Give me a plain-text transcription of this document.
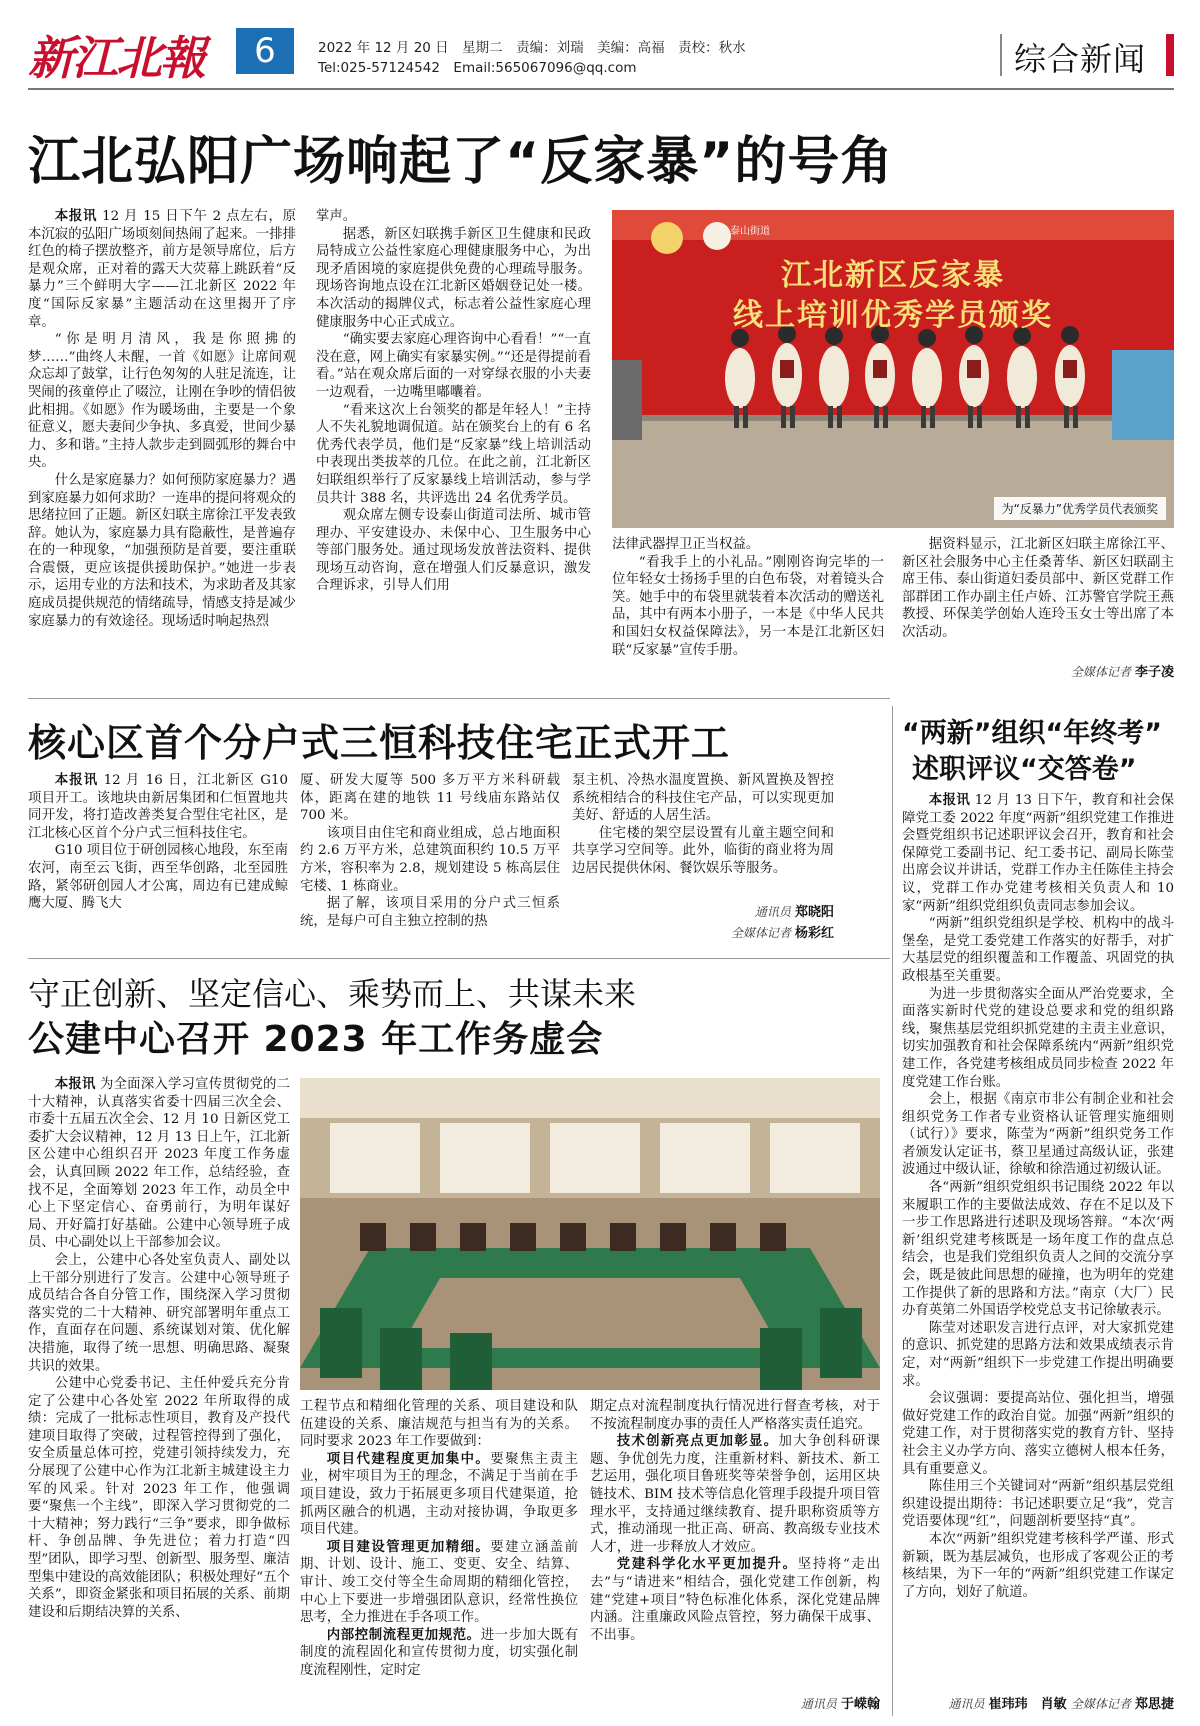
新江北報	6	2022 年 12 月 20 日　星期二　责编：刘瑞　美编：高福　责校：秋水
Tel:025-57124542　Email:565067096@qq.com	综合新闻
江北弘阳广场响起了“反家暴”的号角

本报讯 12 月 15 日下午 2 点左右，原本沉寂的弘阳广场顷刻间热闹了起来。一排排红色的椅子摆放整齐，前方是领导席位，后方是观众席，正对着的露天大荧幕上跳跃着“反暴力”三个鲜明大字——江北新区 2022 年度“国际反家暴”主题活动在这里揭开了序章。

“你是明月清风，我是你照拂的梦……”曲终人未醒，一首《如愿》让席间观众忘却了鼓掌，让行色匆匆的人驻足流连，让哭闹的孩童停止了啜泣，让刚在争吵的情侣彼此相拥。《如愿》作为暖场曲，主要是一个象征意义，愿夫妻间少争执、多真爱，世间少暴力、多和谐。”主持人款步走到圆弧形的舞台中央。

什么是家庭暴力？如何预防家庭暴力？遇到家庭暴力如何求助？一连串的提问将观众的思绪拉回了正题。新区妇联主席徐江平发表致辞。她认为，家庭暴力具有隐蔽性，是普遍存在的一种现象，“加强预防是首要，要注重联合震慑，更应该提供援助保护。”她进一步表示，运用专业的方法和技术，为求助者及其家庭成员提供规范的情绪疏导，情感支持是减少家庭暴力的有效途径。现场适时响起热烈

掌声。

据悉，新区妇联携手新区卫生健康和民政局特成立公益性家庭心理健康服务中心，为出现矛盾困境的家庭提供免费的心理疏导服务。现场咨询地点设在江北新区婚姻登记处一楼。本次活动的揭牌仪式，标志着公益性家庭心理健康服务中心正式成立。

“确实要去家庭心理咨询中心看看！”“一直没在意，网上确实有家暴实例。”“还是得提前看看。”站在观众席后面的一对穿绿衣服的小夫妻一边观看，一边嘴里嘟囔着。

“看来这次上台领奖的都是年轻人！”主持人不失礼貌地调侃道。站在颁奖台上的有 6 名优秀代表学员，他们是“反家暴”线上培训活动中表现出类拔萃的几位。在此之前，江北新区妇联组织举行了反家暴线上培训活动，参与学员共计 388 名，共评选出 24 名优秀学员。

观众席左侧专设泰山街道司法所、城市管理办、平安建设办、未保中心、卫生服务中心等部门服务处。通过现场发放普法资料、提供现场互动咨询，意在增强人们反暴意识，激发合理诉求，引导人们用

泰山街道
江北新区反家暴
线上培训优秀学员颁奖
为“反暴力”优秀学员代表颁奖

法律武器捍卫正当权益。

“看我手上的小礼品。”刚刚咨询完毕的一位年轻女士扬扬手里的白色布袋，对着镜头合笑。她手中的布袋里就装着本次活动的赠送礼品，其中有两本小册子，一本是《中华人民共和国妇女权益保障法》，另一本是江北新区妇联“反家暴”宣传手册。

据资料显示，江北新区妇联主席徐江平、新区社会服务中心主任桑菁华、新区妇联副主席王伟、泰山街道妇委员部中、新区党群工作部群团工作办副主任卢娇、江苏警官学院王燕教授、环保美学创始人连玲玉女士等出席了本次活动。

全媒体记者 李子凌
核心区首个分户式三恒科技住宅正式开工

本报讯 12 月 16 日，江北新区 G10 项目开工。该地块由新居集团和仁恒置地共同开发，将打造改善类复合型住宅社区，是江北核心区首个分户式三恒科技住宅。

G10 项目位于研创园核心地段，东至南农河，南至云飞街，西至华创路，北至园胜路，紧邻研创园人才公寓，周边有已建成鲸鹰大厦、腾飞大

厦、研发大厦等 500 多万平方米科研载体，距离在建的地铁 11 号线庙东路站仅 700 米。

该项目由住宅和商业组成，总占地面积约 2.6 万平方米，总建筑面积约 10.5 万平方米，容积率为 2.8，规划建设 5 栋高层住宅楼、1 栋商业。

据了解，该项目采用的分户式三恒系统，是每户可自主独立控制的热

泵主机、冷热水温度置换、新风置换及智控系统相结合的科技住宅产品，可以实现更加美好、舒适的人居生活。

住宅楼的架空层设置有儿童主题空间和共享学习空间等。此外，临街的商业将为周边居民提供休闲、餐饮娱乐等服务。

通讯员 郑晓阳
全媒体记者 杨彩红
“两新”组织“年终考”
述职评议“交答卷”

本报讯 12 月 13 日下午，教育和社会保障党工委 2022 年度“两新”组织党建工作推进会暨党组织书记述职评议会召开，教育和社会保障党工委副书记、纪工委书记、副局长陈莹出席会议并讲话，党群工作办主任陈佳主持会议，党群工作办党建考核相关负责人和 10 家“两新”组织党组织负责同志参加会议。

“两新”组织党组织是学校、机构中的战斗堡垒，是党工委党建工作落实的好帮手，对扩大基层党的组织覆盖和工作覆盖、巩固党的执政根基至关重要。

为进一步贯彻落实全面从严治党要求，全面落实新时代党的建设总要求和党的组织路线，聚焦基层党组织抓党建的主责主业意识，切实加强教育和社会保障系统内“两新”组织党建工作，各党建考核组成员同步检查 2022 年度党建工作台账。

会上，根据《南京市非公有制企业和社会组织党务工作者专业资格认证管理实施细则（试行）》要求，陈莹为“两新”组织党务工作者颁发认定证书，蔡卫星通过高级认证，张建波通过中级认证，徐敏和徐浩通过初级认证。

各“两新”组织党组织书记围绕 2022 年以来履职工作的主要做法成效、存在不足以及下一步工作思路进行述职及现场答辩。“本次‘两新’组织党建考核既是一场年度工作的盘点总结会，也是我们党组织负责人之间的交流分享会，既是彼此间思想的碰撞，也为明年的党建工作提供了新的思路和方法。”南京（大厂）民办育英第二外国语学校党总支书记徐敏表示。

陈莹对述职发言进行点评，对大家抓党建的意识、抓党建的思路方法和效果成绩表示肯定，对“两新”组织下一步党建工作提出明确要求。

会议强调：要提高站位、强化担当，增强做好党建工作的政治自觉。加强“两新”组织的党建工作，对于贯彻落实党的教育方针、坚持社会主义办学方向、落实立德树人根本任务，具有重要意义。

陈佳用三个关键词对“两新”组织基层党组织建设提出期待：书记述职要立足“我”，党言党语要体现“红”，问题剖析要坚持“真”。

本次“两新”组织党建考核科学严谨、形式新颖，既为基层减负，也形成了客观公正的考核结果，为下一年的“两新”组织党建工作谋定了方向，划好了航道。

通讯员 崔玮玮　肖敏 全媒体记者 郑思捷
守正创新、坚定信心、乘势而上、共谋未来
公建中心召开 2023 年工作务虚会

本报讯 为全面深入学习宣传贯彻党的二十大精神，认真落实省委十四届三次全会、市委十五届五次全会、12 月 10 日新区党工委扩大会议精神，12 月 13 日上午，江北新区公建中心组织召开 2023 年度工作务虚会，认真回顾 2022 年工作，总结经验，查找不足，全面筹划 2023 年工作，动员全中心上下坚定信心、奋勇前行，为明年谋好局、开好篇打好基础。公建中心领导班子成员、中心副处以上干部参加会议。

会上，公建中心各处室负责人、副处以上干部分别进行了发言。公建中心领导班子成员结合各自分管工作，围绕深入学习贯彻落实党的二十大精神、研究部署明年重点工作，直面存在问题、系统谋划对策、优化解决措施，取得了统一思想、明确思路、凝聚共识的效果。

公建中心党委书记、主任仲爱兵充分肯定了公建中心各处室 2022 年所取得的成绩：完成了一批标志性项目，教育及产投代建项目取得了突破，过程管控得到了强化，安全质量总体可控，党建引领持续发力，充分展现了公建中心作为江北新主城建设主力军的风采。针对 2023 年工作，他强调要“聚焦一个主线”，即深入学习贯彻党的二十大精神；努力践行“三争”要求，即争做标杆、争创品牌、争先进位；着力打造“四型”团队，即学习型、创新型、服务型、廉洁型集中建设的高效能团队；积极处理好“五个关系”，即资金紧张和项目拓展的关系、前期建设和后期结决算的关系、

工程节点和精细化管理的关系、项目建设和队伍建设的关系、廉洁规范与担当有为的关系。同时要求 2023 年工作要做到：

项目代建程度更加集中。要聚焦主责主业，树牢项目为王的理念，不满足于当前在手项目建设，致力于拓展更多项目代建渠道，抢抓两区融合的机遇，主动对接协调，争取更多项目代建。

项目建设管理更加精细。要建立涵盖前期、计划、设计、施工、变更、安全、结算、审计、竣工交付等全生命周期的精细化管控，中心上下要进一步增强团队意识，经常性换位思考，全力推进在手各项工作。

内部控制流程更加规范。进一步加大既有制度的流程固化和宣传贯彻力度，切实强化制度流程刚性，定时定

期定点对流程制度执行情况进行督查考核，对于不按流程制度办事的责任人严格落实责任追究。

技术创新亮点更加彰显。加大争创科研课题、争优创先力度，注重新材料、新技术、新工艺运用，强化项目鲁班奖等荣誉争创，运用区块链技术、BIM 技术等信息化管理手段提升项目管理水平，支持通过继续教育、提升职称资质等方式，推动涌现一批正高、研高、教高级专业技术人才，进一步释放人才效应。

党建科学化水平更加提升。坚持将“走出去”与“请进来”相结合，强化党建工作创新，构建“党建+项目”特色标准化体系，深化党建品牌内涵。注重廉政风险点管控，努力确保干成事、不出事。

通讯员 于嵘翰
